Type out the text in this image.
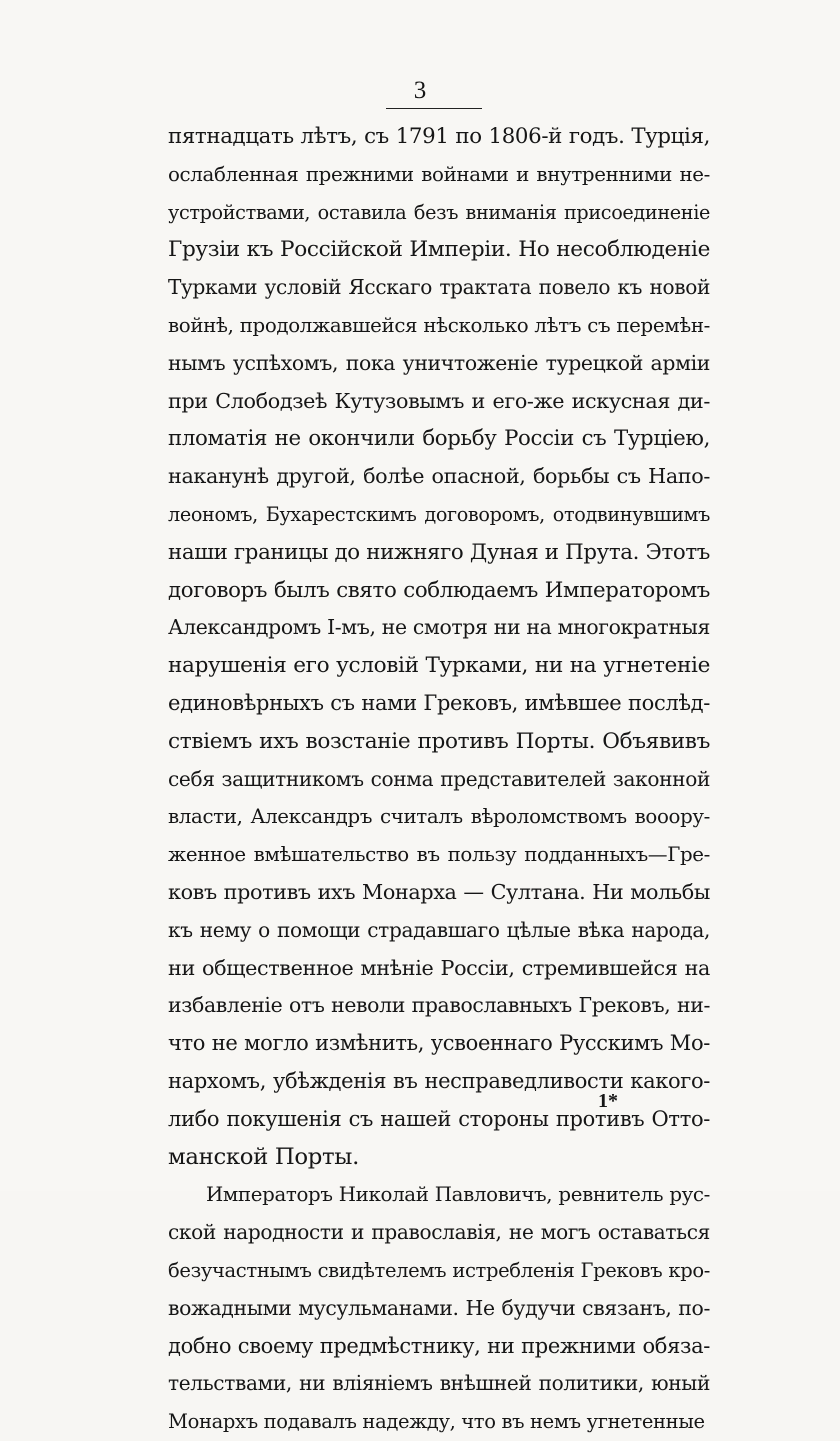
3
пятнадцать лѣтъ, съ 1791 по 1806-й годъ. Турція,
ослабленная прежними войнами и внутренними не-
устройствами, оставила безъ вниманія присоединеніе
Грузіи къ Россійской Имперіи. Но несоблюденіе
Турками условій Ясскаго трактата повело къ новой
войнѣ, продолжавшейся нѣсколько лѣтъ съ перемѣн-
нымъ успѣхомъ, пока уничтоженіе турецкой арміи
при Слободзеѣ Кутузовымъ и его-же искусная ди-
пломатія не окончили борьбу Россіи съ Турціею,
наканунѣ другой, болѣе опасной, борьбы съ Напо-
леономъ, Бухарестскимъ договоромъ, отодвинувшимъ
наши границы до нижняго Дуная и Прута. Этотъ
договоръ былъ свято соблюдаемъ Императоромъ
Александромъ I-мъ, не смотря ни на многократныя
нарушенія его условій Турками, ни на угнетеніе
единовѣрныхъ съ нами Грековъ, имѣвшее послѣд-
ствіемъ ихъ возстаніе противъ Порты. Объявивъ
себя защитникомъ сонма представителей законной
власти, Александръ считалъ вѣроломствомъ вооору-
женное вмѣшательство въ пользу подданныхъ—Гре-
ковъ противъ ихъ Монарха — Султана. Ни мольбы
къ нему о помощи страдавшаго цѣлые вѣка народа,
ни общественное мнѣніе Россіи, стремившейся на
избавленіе отъ неволи православныхъ Грековъ, ни-
что не могло измѣнить, усвоеннаго Русскимъ Мо-
нархомъ, убѣжденія въ несправедливости какого-
либо покушенія съ нашей стороны противъ Отто-
манской Порты.
Императоръ Николай Павловичъ, ревнитель рус-
ской народности и православія, не могъ оставаться
безучастнымъ свидѣтелемъ истребленія Грековъ кро-
вожадными мусульманами. Не будучи связанъ, по-
добно своему предмѣстнику, ни прежними обяза-
тельствами, ни вліяніемъ внѣшней политики, юный
Монархъ подавалъ надежду, что въ немъ угнетенные
1*
